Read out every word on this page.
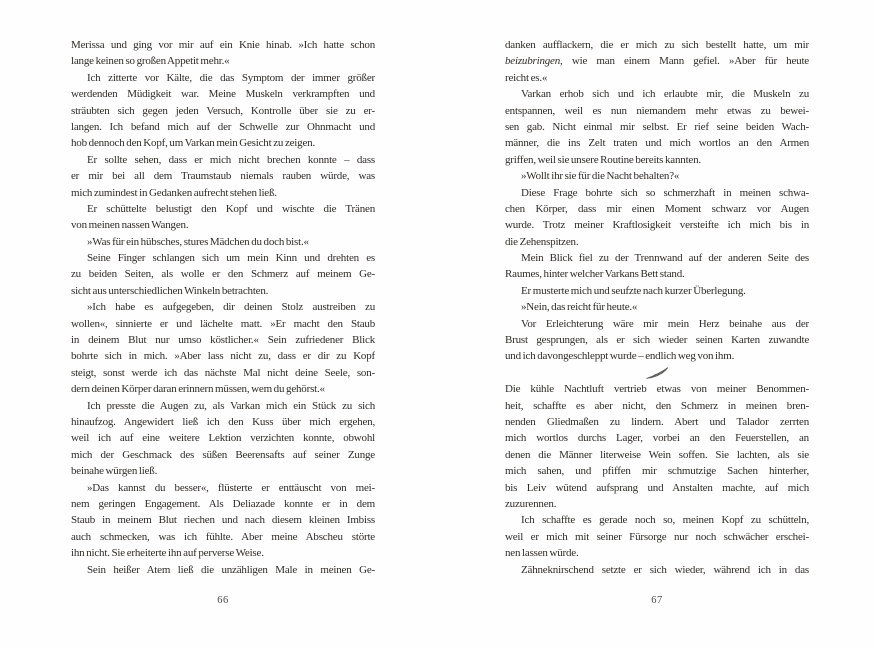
Merissa und ging vor mir auf ein Knie hinab. »Ich hatte schon
lange keinen so großen Appetit mehr.«
Ich zitterte vor Kälte, die das Symptom der immer größer
werdenden Müdigkeit war. Meine Muskeln verkrampften und
sträubten sich gegen jeden Versuch, Kontrolle über sie zu er-
langen. Ich befand mich auf der Schwelle zur Ohnmacht und
hob dennoch den Kopf, um Varkan mein Gesicht zu zeigen.
Er sollte sehen, dass er mich nicht brechen konnte – dass
er mir bei all dem Traumstaub niemals rauben würde, was
mich zumindest in Gedanken aufrecht stehen ließ.
Er schüttelte belustigt den Kopf und wischte die Tränen
von meinen nassen Wangen.
»Was für ein hübsches, stures Mädchen du doch bist.«
Seine Finger schlangen sich um mein Kinn und drehten es
zu beiden Seiten, als wolle er den Schmerz auf meinem Ge-
sicht aus unterschiedlichen Winkeln betrachten.
»Ich habe es aufgegeben, dir deinen Stolz austreiben zu
wollen«, sinnierte er und lächelte matt. »Er macht den Staub
in deinem Blut nur umso köstlicher.« Sein zufriedener Blick
bohrte sich in mich. »Aber lass nicht zu, dass er dir zu Kopf
steigt, sonst werde ich das nächste Mal nicht deine Seele, son-
dern deinen Körper daran erinnern müssen, wem du gehörst.«
Ich presste die Augen zu, als Varkan mich ein Stück zu sich
hinaufzog. Angewidert ließ ich den Kuss über mich ergehen,
weil ich auf eine weitere Lektion verzichten konnte, obwohl
mich der Geschmack des süßen Beerensafts auf seiner Zunge
beinahe würgen ließ.
»Das kannst du besser«, flüsterte er enttäuscht von mei-
nem geringen Engagement. Als Deliazade konnte er in dem
Staub in meinem Blut riechen und nach diesem kleinen Imbiss
auch schmecken, was ich fühlte. Aber meine Abscheu störte
ihn nicht. Sie erheiterte ihn auf perverse Weise.
Sein heißer Atem ließ die unzähligen Male in meinen Ge-
66
danken aufflackern, die er mich zu sich bestellt hatte, um mir
beizubringen, wie man einem Mann gefiel. »Aber für heute
reicht es.«
Varkan erhob sich und ich erlaubte mir, die Muskeln zu
entspannen, weil es nun niemandem mehr etwas zu bewei-
sen gab. Nicht einmal mir selbst. Er rief seine beiden Wach-
männer, die ins Zelt traten und mich wortlos an den Armen
griffen, weil sie unsere Routine bereits kannten.
»Wollt ihr sie für die Nacht behalten?«
Diese Frage bohrte sich so schmerzhaft in meinen schwa-
chen Körper, dass mir einen Moment schwarz vor Augen
wurde. Trotz meiner Kraftlosigkeit versteifte ich mich bis in
die Zehenspitzen.
Mein Blick fiel zu der Trennwand auf der anderen Seite des
Raumes, hinter welcher Varkans Bett stand.
Er musterte mich und seufzte nach kurzer Überlegung.
»Nein, das reicht für heute.«
Vor Erleichterung wäre mir mein Herz beinahe aus der
Brust gesprungen, als er sich wieder seinen Karten zuwandte
und ich davongeschleppt wurde – endlich weg von ihm.
Die kühle Nachtluft vertrieb etwas von meiner Benommen-
heit, schaffte es aber nicht, den Schmerz in meinen bren-
nenden Gliedmaßen zu lindern. Abert und Talador zerrten
mich wortlos durchs Lager, vorbei an den Feuerstellen, an
denen die Männer literweise Wein soffen. Sie lachten, als sie
mich sahen, und pfiffen mir schmutzige Sachen hinterher,
bis Leiv wütend aufsprang und Anstalten machte, auf mich
zuzurennen.
Ich schaffte es gerade noch so, meinen Kopf zu schütteln,
weil er mich mit seiner Fürsorge nur noch schwächer erschei-
nen lassen würde.
Zähneknirschend setzte er sich wieder, während ich in das
67
